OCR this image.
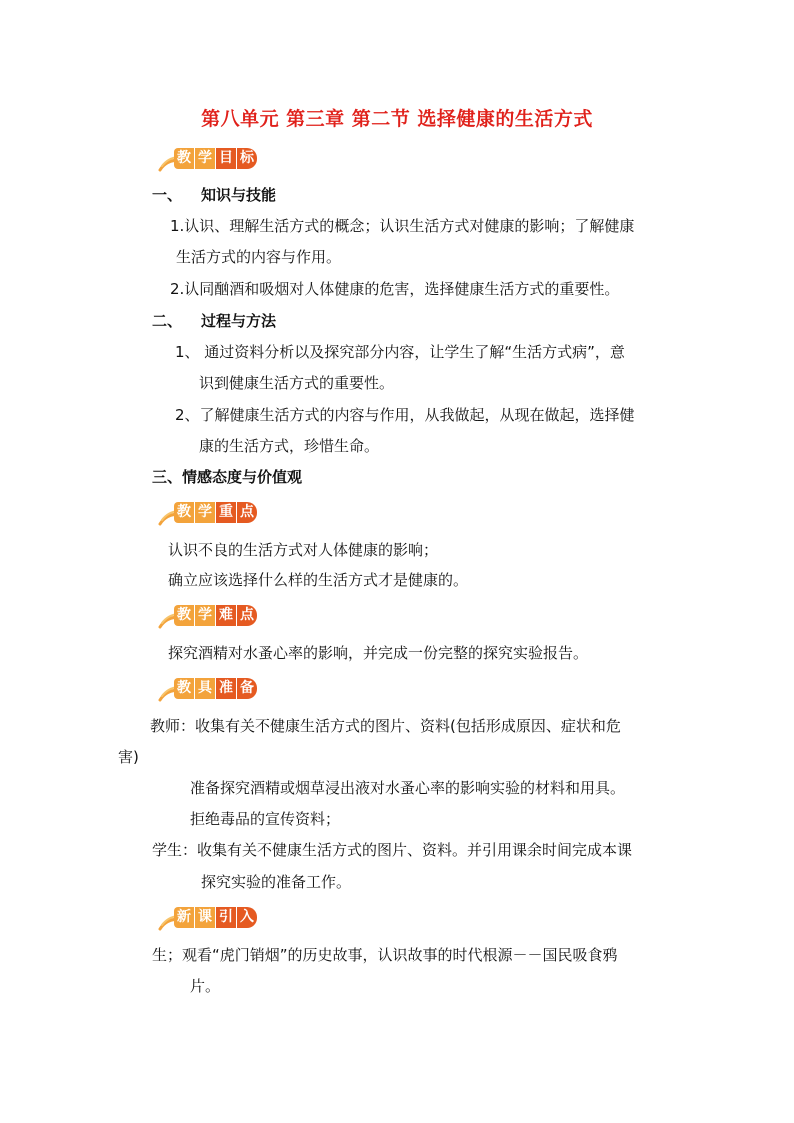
第八单元 第三章 第二节 选择健康的生活方式
教 学 目 标
一、 知识与技能
1.认识、理解生活方式的概念；认识生活方式对健康的影响；了解健康
生活方式的内容与作用。
2.认同酗酒和吸烟对人体健康的危害，选择健康生活方式的重要性。
二、 过程与方法
1、 通过资料分析以及探究部分内容，让学生了解“生活方式病”，意
识到健康生活方式的重要性。
2、了解健康生活方式的内容与作用，从我做起，从现在做起，选择健
康的生活方式，珍惜生命。
三、情感态度与价值观
教 学 重 点
认识不良的生活方式对人体健康的影响；
确立应该选择什么样的生活方式才是健康的。
教 学 难 点
探究酒精对水蚤心率的影响，并完成一份完整的探究实验报告。
教 具 准 备
教师：收集有关不健康生活方式的图片、资料(包括形成原因、症状和危
害)
准备探究酒精或烟草浸出液对水蚤心率的影响实验的材料和用具。
拒绝毒品的宣传资料；
学生：收集有关不健康生活方式的图片、资料。并引用课余时间完成本课
探究实验的准备工作。
新 课 引 入
生；观看“虎门销烟”的历史故事，认识故事的时代根源－－国民吸食鸦
片。
